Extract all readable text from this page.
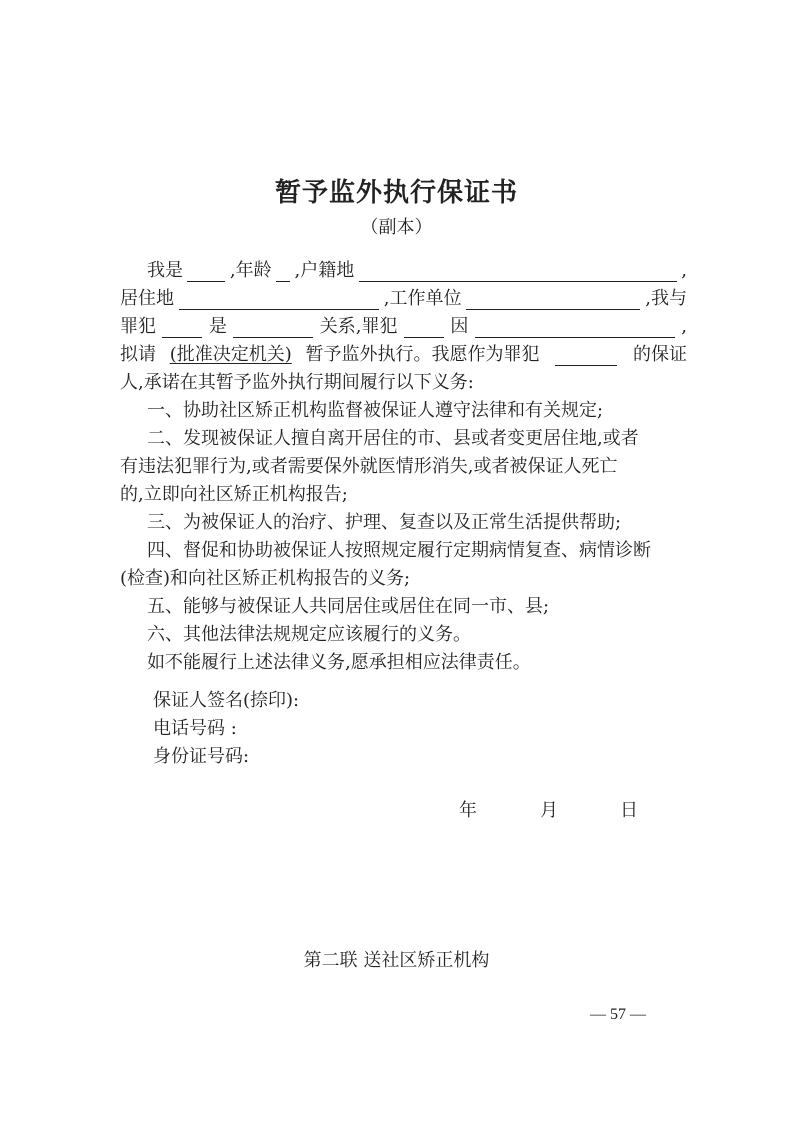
暂予监外执行保证书
（副本）
我是	,年龄 ,户籍地	,
居住地	,工作单位	,我与
罪犯	是	关系,罪犯	因	,
拟请 (批准决定机关) 暂予监外执行。我愿作为罪犯	的保证
人,承诺在其暂予监外执行期间履行以下义务:
一、协助社区矫正机构监督被保证人遵守法律和有关规定;
二、发现被保证人擅自离开居住的市、县或者变更居住地,或者
有违法犯罪行为,或者需要保外就医情形消失,或者被保证人死亡
的,立即向社区矫正机构报告;
三、为被保证人的治疗、护理、复查以及正常生活提供帮助;
四、督促和协助被保证人按照规定履行定期病情复查、病情诊断
(检查)和向社区矫正机构报告的义务;
五、能够与被保证人共同居住或居住在同一市、县;
六、其他法律法规规定应该履行的义务。
如不能履行上述法律义务,愿承担相应法律责任。
保证人签名(捺印):
电话号码 :
身份证号码:
年	月	日
第二联 送社区矫正机构
— 57 —
